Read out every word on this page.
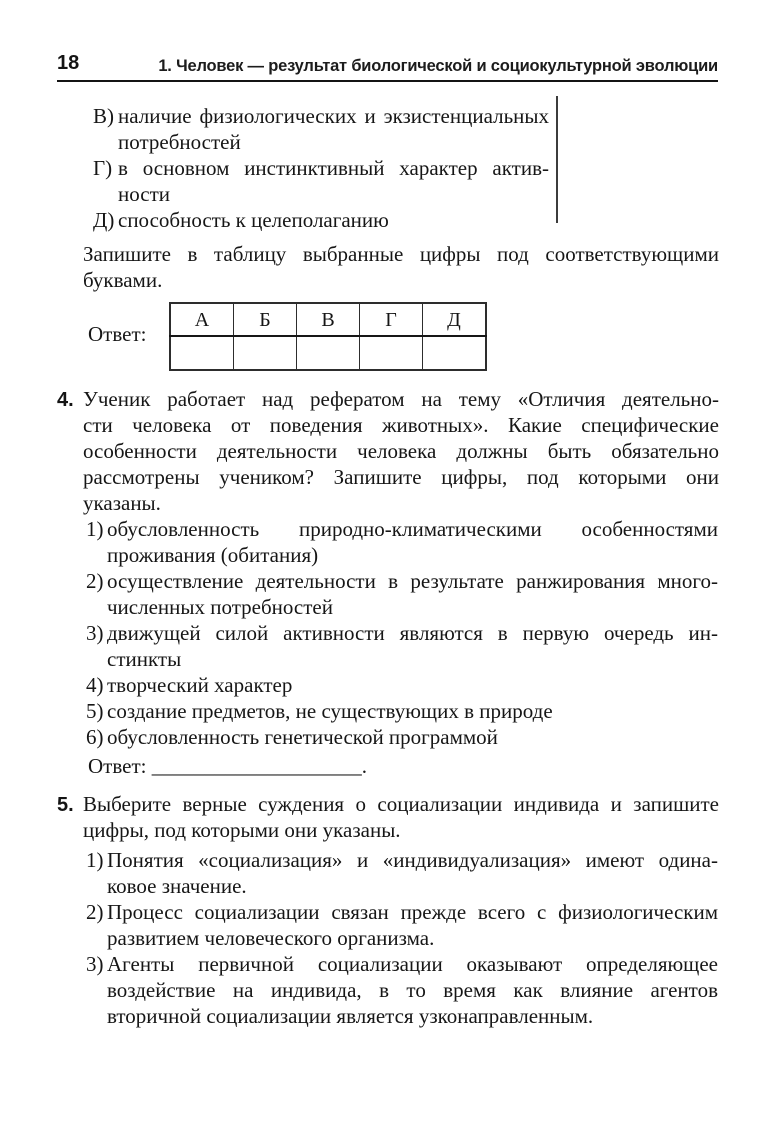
18	1. Человек — результат биологической и социокультурной эволюции
В) наличие физиологических и экзистенциальных
потребностей
Г) в основном инстинктивный характер актив-
ности
Д) способность к целеполаганию
Запишите в таблицу выбранные цифры под соответствующими
буквами.
Ответ:
А	Б	В	Г	Д

4. Ученик работает над рефератом на тему «Отличия деятельно-
сти человека от поведения животных». Какие специфические
особенности деятельности человека должны быть обязательно
рассмотрены учеником? Запишите цифры, под которыми они
указаны.
1) обусловленность природно-климатическими особенностями
проживания (обитания)
2) осуществление деятельности в результате ранжирования много-
численных потребностей
3) движущей силой активности являются в первую очередь ин-
стинкты
4) творческий характер
5) создание предметов, не существующих в природе
6) обусловленность генетической программой
Ответ: ____________________.
5. Выберите верные суждения о социализации индивида и запишите
цифры, под которыми они указаны.
1) Понятия «социализация» и «индивидуализация» имеют одина-
ковое значение.
2) Процесс социализации связан прежде всего с физиологическим
развитием человеческого организма.
3) Агенты первичной социализации оказывают определяющее
воздействие на индивида, в то время как влияние агентов
вторичной социализации является узконаправленным.
